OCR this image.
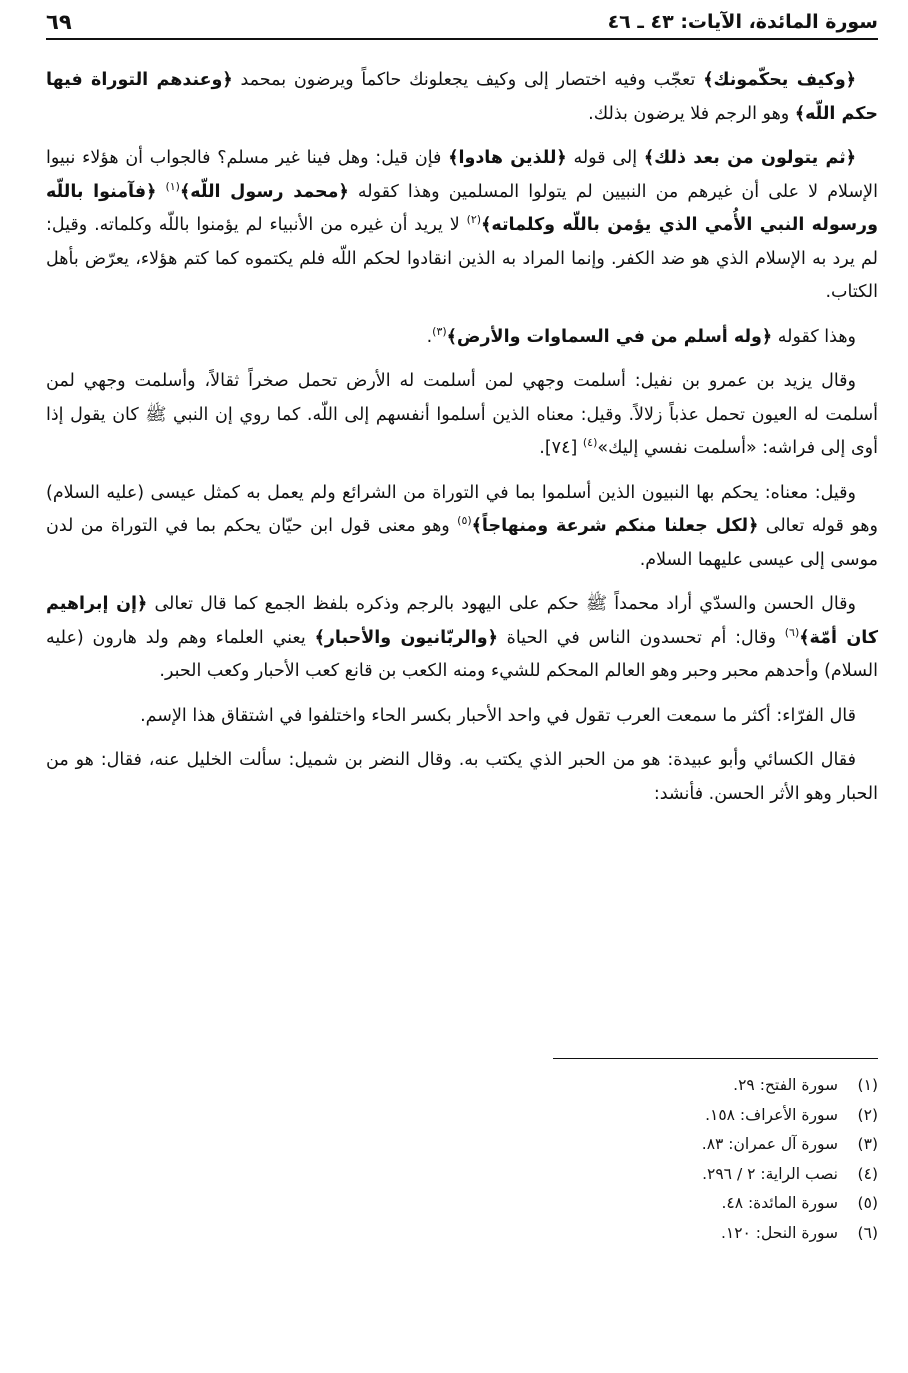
سورة المائدة، الآيات: ٤٣ ـ ٤٦
٦٩

﴿وكيف يحكّمونك﴾ تعجّب وفيه اختصار إلى وكيف يجعلونك حاكماً ويرضون بمحمد ﴿وعندهم التوراة فيها حكم اللّه﴾ وهو الرجم فلا يرضون بذلك.

﴿ثم يتولون من بعد ذلك﴾ إلى قوله ﴿للذين هادوا﴾ فإن قيل: وهل فينا غير مسلم؟ فالجواب أن هؤلاء نبيوا الإسلام لا على أن غيرهم من النبيين لم يتولوا المسلمين وهذا كقوله ﴿محمد رسول اللّه﴾$^{(١)}$ ﴿فآمنوا باللّه ورسوله النبي الأُمي الذي يؤمن باللّه وكلماته﴾$^{(٢)}$ لا يريد أن غيره من الأنبياء لم يؤمنوا باللّه وكلماته. وقيل: لم يرد به الإسلام الذي هو ضد الكفر. وإنما المراد به الذين انقادوا لحكم اللّه فلم يكتموه كما كتم هؤلاء، يعرّض بأهل الكتاب.

وهذا كقوله ﴿وله أسلم من في السماوات والأرض﴾$^{(٣)}$.

وقال يزيد بن عمرو بن نفيل: أسلمت وجهي لمن أسلمت له الأرض تحمل صخراً ثقالاً، وأسلمت وجهي لمن أسلمت له العيون تحمل عذباً زلالاً. وقيل: معناه الذين أسلموا أنفسهم إلى اللّه. كما روي إن النبي ﷺ كان يقول إذا أوى إلى فراشه: «أسلمت نفسي إليك»$^{(٤)}$ [٧٤].

وقيل: معناه: يحكم بها النبيون الذين أسلموا بما في التوراة من الشرائع ولم يعمل به كمثل عيسى (عليه السلام) وهو قوله تعالى ﴿لكل جعلنا منكم شرعة ومنهاجاً﴾$^{(٥)}$ وهو معنى قول ابن حيّان يحكم بما في التوراة من لدن موسى إلى عيسى عليهما السلام.

وقال الحسن والسدّي أراد محمداً ﷺ حكم على اليهود بالرجم وذكره بلفظ الجمع كما قال تعالى ﴿إن إبراهيم كان أمّة﴾$^{(٦)}$ وقال: أم تحسدون الناس في الحياة ﴿والربّانيون والأحبار﴾ يعني العلماء وهم ولد هارون (عليه السلام) وأحدهم محبر وحبر وهو العالم المحكم للشيء ومنه الكعب بن قانع كعب الأحبار وكعب الحبر.

قال الفرّاء: أكثر ما سمعت العرب تقول في واحد الأحبار بكسر الحاء واختلفوا في اشتقاق هذا الإسم.

فقال الكسائي وأبو عبيدة: هو من الحبر الذي يكتب به. وقال النضر بن شميل: سألت الخليل عنه، فقال: هو من الحبار وهو الأثر الحسن. فأنشد:

(١)
سورة الفتح: ٢٩.
(٢)
سورة الأعراف: ١٥٨.
(٣)
سورة آل عمران: ٨٣.
(٤)
نصب الراية: ٢ / ٢٩٦.
(٥)
سورة المائدة: ٤٨.
(٦)
سورة النحل: ١٢٠.
